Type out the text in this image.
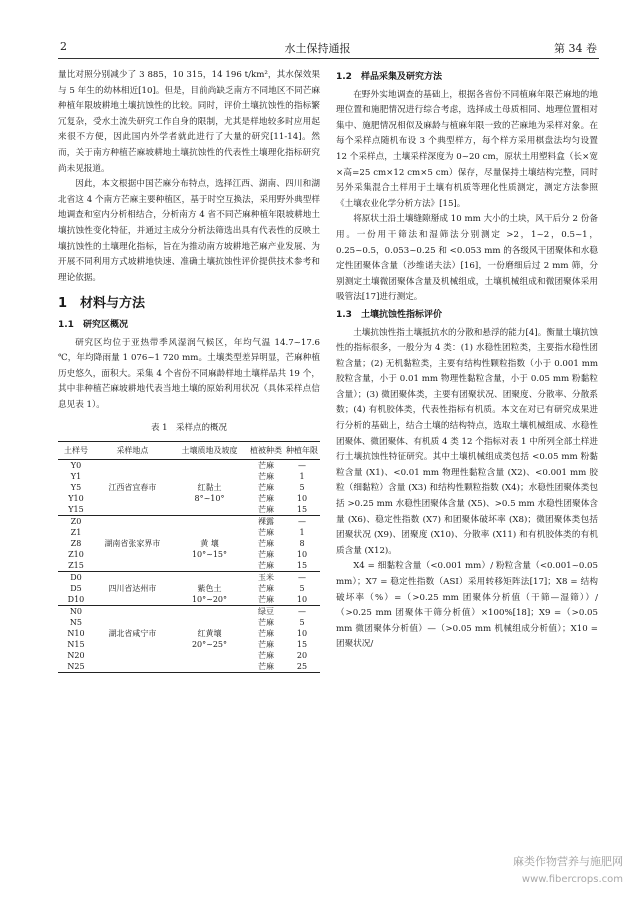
2	水土保持通报	第 34 卷

量比对照分别减少了 3 885，10 315，14 196 t/km²，其水保效果与 5 年生的幼林相近[10]。但是，目前尚缺乏南方不同地区不同芒麻种植年限坡耕地土壤抗蚀性的比较。同时，评价土壤抗蚀性的指标繁冗复杂，受水土流失研究工作自身的限制，尤其是样地较多时应用起来很不方便，因此国内外学者就此进行了大量的研究[11-14]。然而，关于南方种植芒麻坡耕地土壤抗蚀性的代表性土壤理化指标研究尚未见报道。

因此，本文根据中国芒麻分布特点，选择江西、湖南、四川和湖北省这 4 个南方芒麻主要种植区，基于时空互换法，采用野外典型样地调查和室内分析相结合，分析南方 4 省不同芒麻种植年限坡耕地土壤抗蚀性变化特征，并通过主成分分析法筛选出具有代表性的反映土壤抗蚀性的土壤理化指标，旨在为推动南方坡耕地芒麻产业发展、为开展不同利用方式坡耕地快速、准确土壤抗蚀性评价提供技术参考和理论依据。

1　材料与方法
1.1　研究区概况

研究区均位于亚热带季风湿润气候区，年均气温 14.7~17.6 ℃，年均降雨量 1 076~1 720 mm。土壤类型差异明显，芒麻种植历史悠久，面积大。采集 4 个省份不同麻龄样地土壤样品共 19 个，其中非种植芒麻坡耕地代表当地土壤的原始利用状况（具体采样点信息见表 1）。

表 1　采样点的概况
土样号	采样地点	土壤质地及坡度	植被种类	种植年限
Y0			芒麻	—
Y1			芒麻	1
Y5	江西省宜春市	红黏土	芒麻	5
Y10		8°~10°	芒麻	10
Y15			芒麻	15
Z0			裸露	—
Z1			芒麻	1
Z8	湖南省张家界市	黄 壤	芒麻	8
Z10		10°~15°	芒麻	10
Z15			芒麻	15
D0			玉米	—
D5	四川省达州市	紫色土	芒麻	5
D10		10°~20°	芒麻	10
N0			绿豆	—
N5			芒麻	5
N10	湖北省咸宁市	红黄壤	芒麻	10
N15		20°~25°	芒麻	15
N20			芒麻	20
N25			芒麻	25
1.2　样品采集及研究方法

在野外实地调查的基础上，根据各省份不同植麻年限芒麻地的地理位置和施肥情况进行综合考虑，选择成土母质相同、地理位置相对集中、施肥情况相似及麻龄与植麻年限一致的芒麻地为采样对象。在每个采样点随机布设 3 个典型样方，每个样方采用棋盘法均匀设置 12 个采样点，土壤采样深度为 0~20 cm，原状土用塑料盒（长×宽×高=25 cm×12 cm×5 cm）保存，尽量保持土壤结构完整，同时另外采集混合土样用于土壤有机质等理化性质测定，测定方法参照《土壤农业化学分析方法》[15]。

将原状土沿土壤缝隙掰成 10 mm 大小的土块，风干后分 2 份备用。一份用干筛法和湿筛法分别测定 >2，1~2，0.5~1，0.25~0.5，0.053~0.25 和 <0.053 mm 的各级风干团聚体和水稳定性团聚体含量（沙维诺夫法）[16]，一份磨细后过 2 mm 筛，分别测定土壤微团聚体含量及机械组成，土壤机械组成和微团聚体采用吸管法[17]进行测定。

1.3　土壤抗蚀性指标评价

土壤抗蚀性指土壤抵抗水的分散和悬浮的能力[4]。衡量土壤抗蚀性的指标很多，一般分为 4 类：(1) 水稳性团粒类，主要指水稳性团粒含量；(2) 无机黏粒类，主要有结构性颗粒指数（小于 0.001 mm 胶粒含量，小于 0.01 mm 物理性黏粒含量，小于 0.05 mm 粉黏粒含量）；(3) 微团聚体类，主要有团聚状况、团聚度、分散率、分散系数；(4) 有机胶体类，代表性指标有机质。本文在对已有研究成果进行分析的基础上，结合土壤的结构特点，选取土壤机械组成、水稳性团聚体、微团聚体、有机质 4 类 12 个指标对表 1 中所列全部土样进行土壤抗蚀性特征研究。其中土壤机械组成类包括 <0.05 mm 粉黏粒含量 (X1)、<0.01 mm 物理性黏粒含量 (X2)、<0.001 mm 胶粒（细黏粒）含量 (X3) 和结构性颗粒指数 (X4)；水稳性团聚体类包括 >0.25 mm 水稳性团聚体含量 (X5)、>0.5 mm 水稳性团聚体含量 (X6)、稳定性指数 (X7) 和团聚体破坏率 (X8)；微团聚体类包括团聚状况 (X9)、团聚度 (X10)、分散率 (X11) 和有机胶体类的有机质含量 (X12)。

X4 = 细黏粒含量（<0.001 mm）/ 粉粒含量（<0.001~0.05 mm）；X7 = 稳定性指数（ASI）采用转移矩阵法[17]；X8 = 结构破坏率（%）=（>0.25 mm 团聚体分析值（干筛—湿筛））/（>0.25 mm 团聚体干筛分析值）×100%[18]；X9 =（>0.05 mm 微团聚体分析值）—（>0.05 mm 机械组成分析值）；X10 = 团聚状况/

麻类作物营养与施肥网
www.fibercrops.com
